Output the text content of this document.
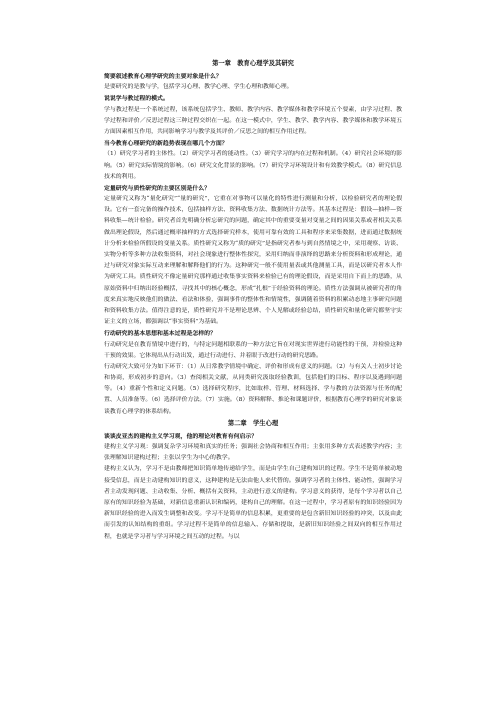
第一章　教育心理学及其研究

简要叙述教育心理学研究的主要对象是什么？

是要研究的是教与学，包括学习心理、教学心理、学生心理和教师心理。

说说学与教过程的模式。

学与教过程是一个系统过程，该系统包括学生、教师、教学内容、教学媒体和教学环境五个要素，由学习过程、教学过程和评价／反思过程这三种过程交织在一起。在这一模式中，学生、教学、教学内容、教学媒体和教学环境五方面因素相互作用，共同影响学习与教学及其评价／反思之间的相互作用过程。

当今教育心理研究的新趋势表现在哪几个方面？

（1）研究学习者的主体性。（2）研究学习者的能动性。（3）研究学习的内在过程和机制。（4）研究社会环境的影响。（5）研究实际情境的影响。（6）研究文化背景的影响。（7）研究学习环境设计和有效教学模式。（8）研究信息技术的利用。

定量研究与质性研究的主要区别是什么？

定量研究又称为“量化研究”“量的研究”，它重在对事物可以量化的特性进行测量和分析，以检验研究者的理论假设。它有一套完备的操作技术，包括抽样方法、资料收集方法、数据统计方法等。其基本过程是：假设—抽样—资料收集—统计检验。研究者首先明确分析忘研究的问题，确定其中的重要变量对变量之间的因果关系或者相关关系做出理论假设，然后通过概率抽样的方式选择研究样本，使用可靠有效的工具和程序来采集数据，进而通过数据统计分析来检验所假设的变量关系。质性研究又称为“质的研究”是指研究者参与到自然情境之中，采用观察、访谈、实物分析等多种方法收集资料，对社会现象进行整体性探究，采用归纳而非演绎的思路来分析资料和形成理论，通过与研究对象实际互动来理解和解释他们的行为。这种研究一般不使用量表或其他测量工具，而是以研究者本人作为研究工具。质性研究不像定量研究那样通过收集事实资料来检验已有的理论假设，而是采用自下而上的思路，从原始资料中归纳出经验概括，寻找其中的核心概念，形成“扎根”于经验资料的理论。质性方法强调从被研究者的角度来真实地反映他们的做法、看法和体验，强调事件的整体性和情境性，强调随着资料的积累动态地主事研究问题和资料收集方法。值得注意的是，质性研究并不是理论思辨、个人见解或经验总结，质性研究和量化研究都坚守实证主义的立场，都强调以“事实资料”为基础。

行动研究的基本思想和基本过程是怎样的？

行动研究是在教育情境中进行的，与特定问题相联系的一种方法它旨在对现实世界进行功能性的干预，并检验这种干预的效果。它体现出从行动出发，通过行动进行、并着眼于改进行动的研究思路。

行动研究大致可分为如下环节：（1）从日常教学情境中确定、评价和形成有意义的问题。（2）与有关人士初步讨论和协商，形成初步的意向。（3）查阅相关文献，从同类研究汲取经验教训，包括他们的目标、程序以及遇到问题等。（4）重新个性和定义问题。（5）选择研究程序，比如取样、管理、材料选择、学与教的方法资源与任务的配置、人员准备等。（6）选择评价方法。（7）实施。（8）资料解释、推论和课题评价，根据教育心理学的研究对象谈谈教育心理学的体系结构。

第二章　学生心理

谈谈皮亚杰的建构主义学习观，他的理论对教育有何启示？

建构主义学习观：强调复杂学习环境和真实的任务；强调社会协商和相互作用；主张用多种方式表述教学内容；主张理解知识建构过程；主张以学生为中心的教学。

建构主义认为，学习不是由教师把知识简单地传递给学生，而是由学生自己建构知识的过程。学生不是简单被动地接受信息，而是主动建构知识的意义，这种建构是无法由他人来代替的。强调学习者的主体性、能动性，强调学习者主动发现问题、主动收集、分析、概括有关资料，主动进行意义的建构。学习意义的获得，是每个学习者以自己原有的知识经验为基础，对新信息重新认识和编码，建构自己的理解。在这一过程中，学习者原有的知识经验因为新知识经验的进入而发生调整和改变。学习不是简单的信息积累，更重要的是包含新旧知识经验的冲突，以及由此而引发的认知结构的重组。学习过程不是简单的信息输入、存储和提取，是新旧知识经验之间双向的相互作用过程，也就是学习者与学习环境之间互动的过程。与以
